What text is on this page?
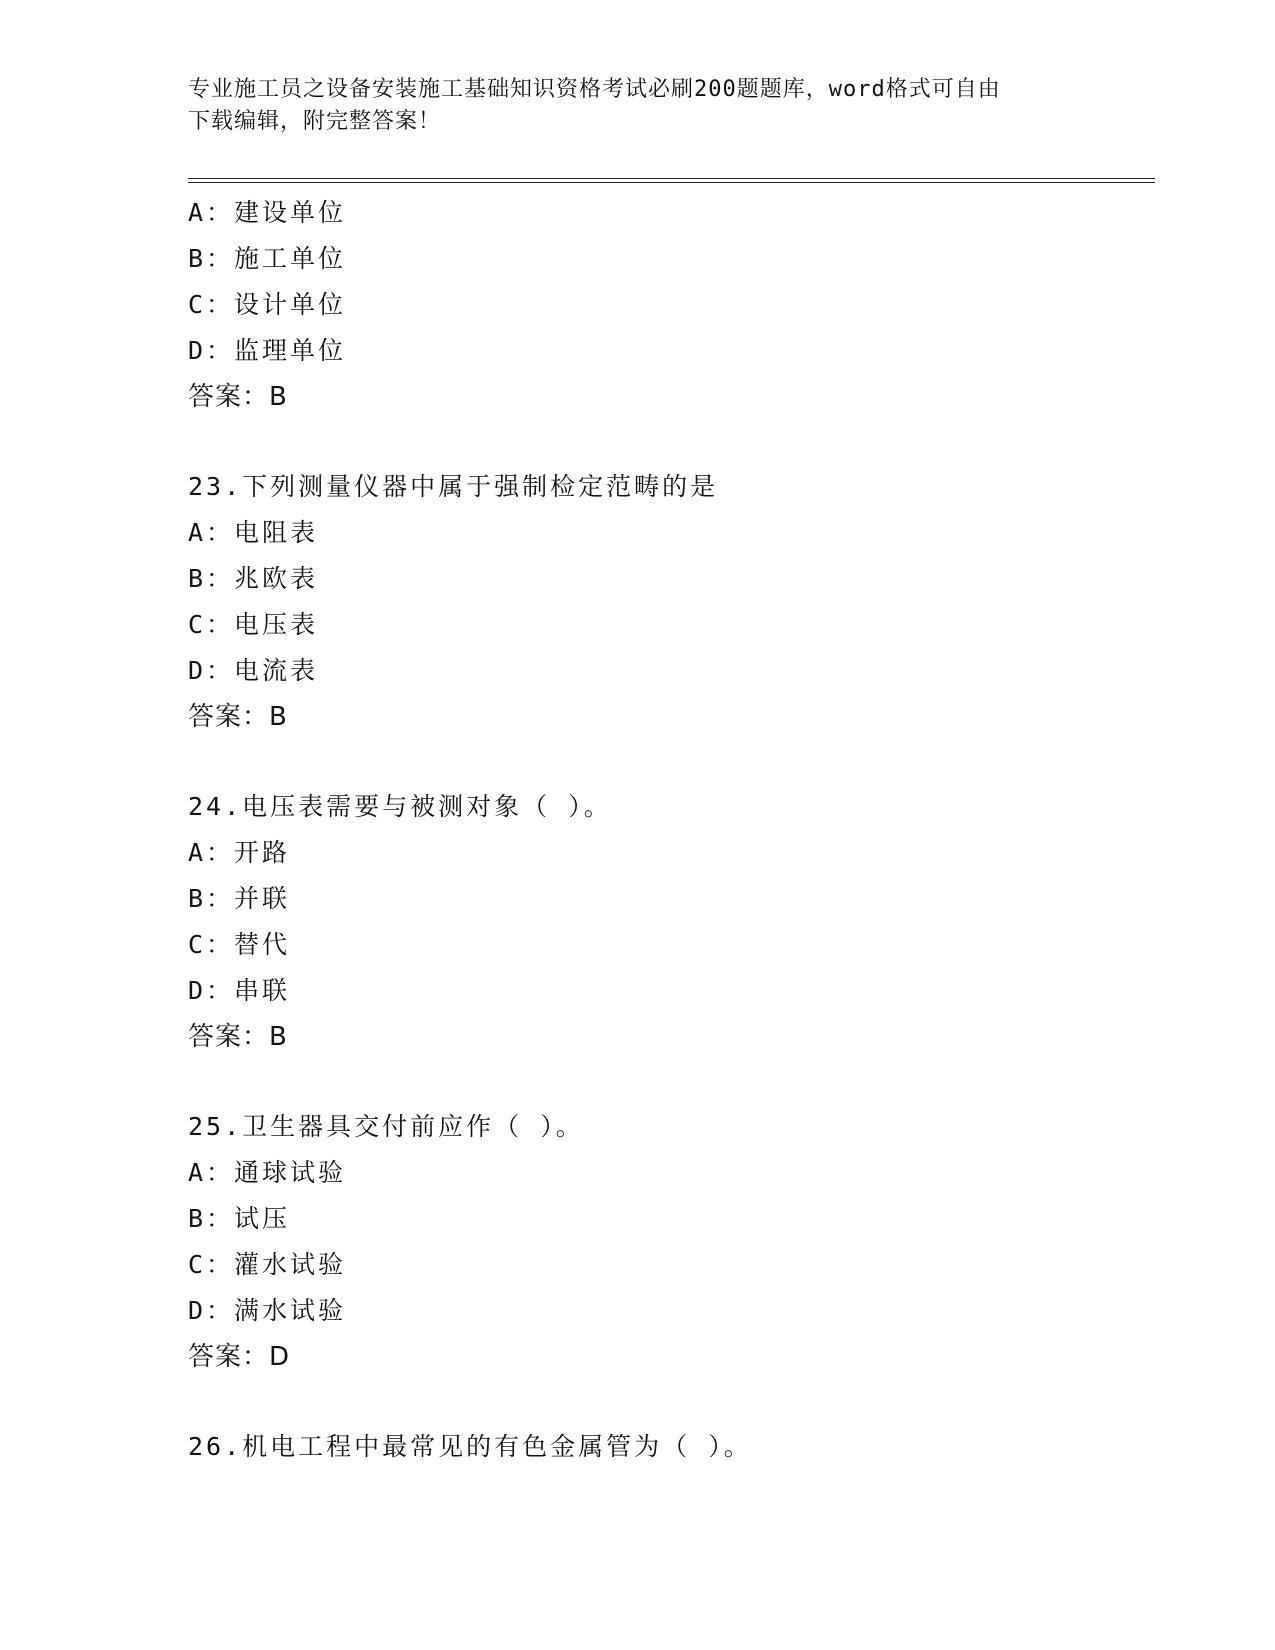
专业施工员之设备安装施工基础知识资格考试必刷200题题库，word格式可自由
下载编辑，附完整答案！
A：建设单位
B：施工单位
C：设计单位
D：监理单位
答案：B
23.下列测量仪器中属于强制检定范畴的是
A：电阻表
B：兆欧表
C：电压表
D：电流表
答案：B
24.电压表需要与被测对象（ ）。
A：开路
B：并联
C：替代
D：串联
答案：B
25.卫生器具交付前应作（ ）。
A：通球试验
B：试压
C：灌水试验
D：满水试验
答案：D
26.机电工程中最常见的有色金属管为（ ）。
